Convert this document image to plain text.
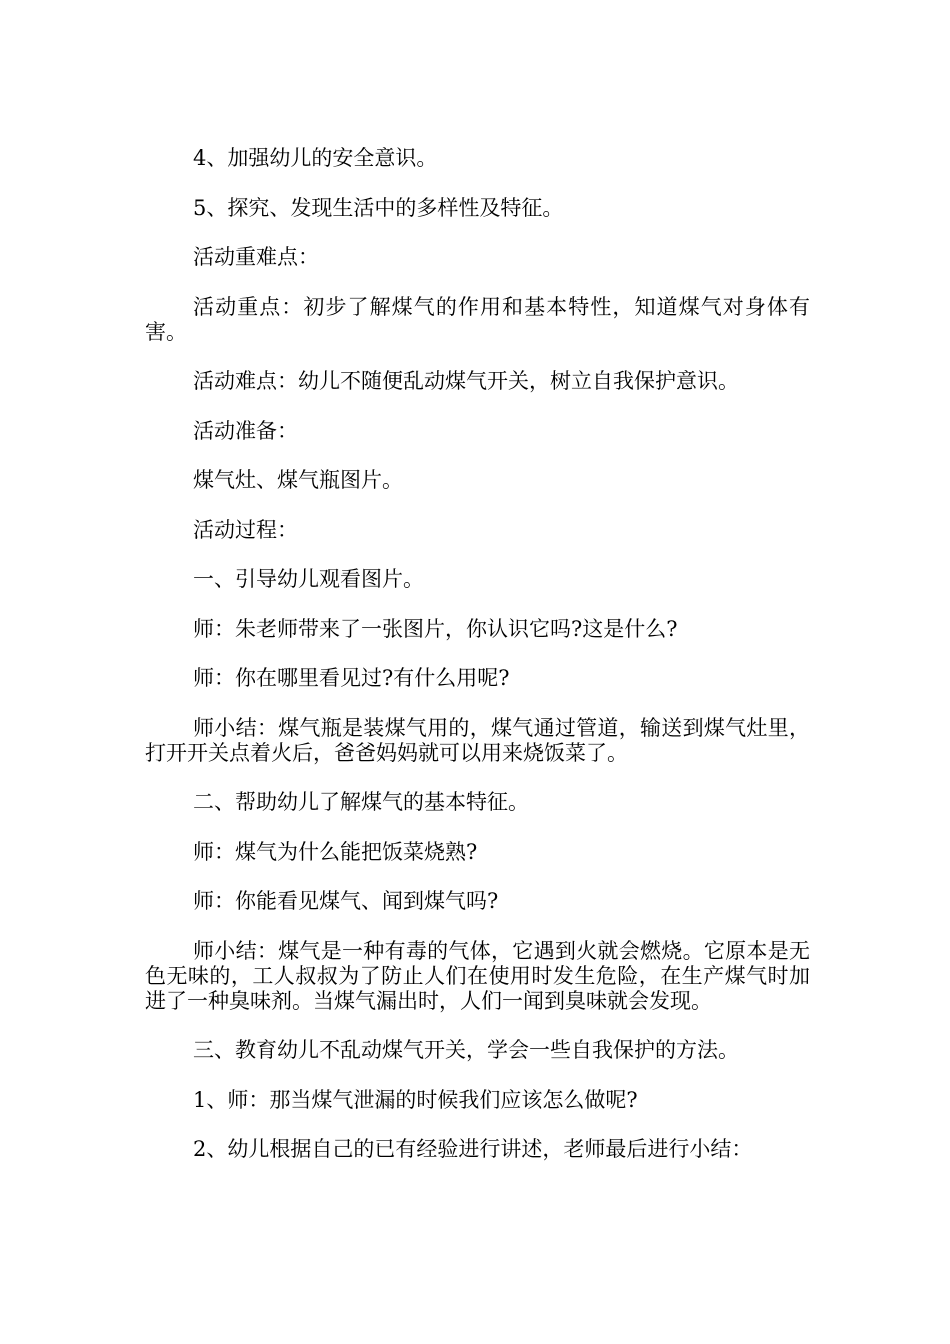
4、加强幼儿的安全意识。

5、探究、发现生活中的多样性及特征。

活动重难点：

活动重点：初步了解煤气的作用和基本特性，知道煤气对身体有害。

活动难点：幼儿不随便乱动煤气开关，树立自我保护意识。

活动准备：

煤气灶、煤气瓶图片。

活动过程：

一、引导幼儿观看图片。

师：朱老师带来了一张图片，你认识它吗?这是什么?

师：你在哪里看见过?有什么用呢?

师小结：煤气瓶是装煤气用的，煤气通过管道，输送到煤气灶里，打开开关点着火后，爸爸妈妈就可以用来烧饭菜了。

二、帮助幼儿了解煤气的基本特征。

师：煤气为什么能把饭菜烧熟?

师：你能看见煤气、闻到煤气吗?

师小结：煤气是一种有毒的气体，它遇到火就会燃烧。它原本是无色无味的，工人叔叔为了防止人们在使用时发生危险，在生产煤气时加进了一种臭味剂。当煤气漏出时，人们一闻到臭味就会发现。

三、教育幼儿不乱动煤气开关，学会一些自我保护的方法。

1、师：那当煤气泄漏的时候我们应该怎么做呢?

2、幼儿根据自己的已有经验进行讲述，老师最后进行小结：
